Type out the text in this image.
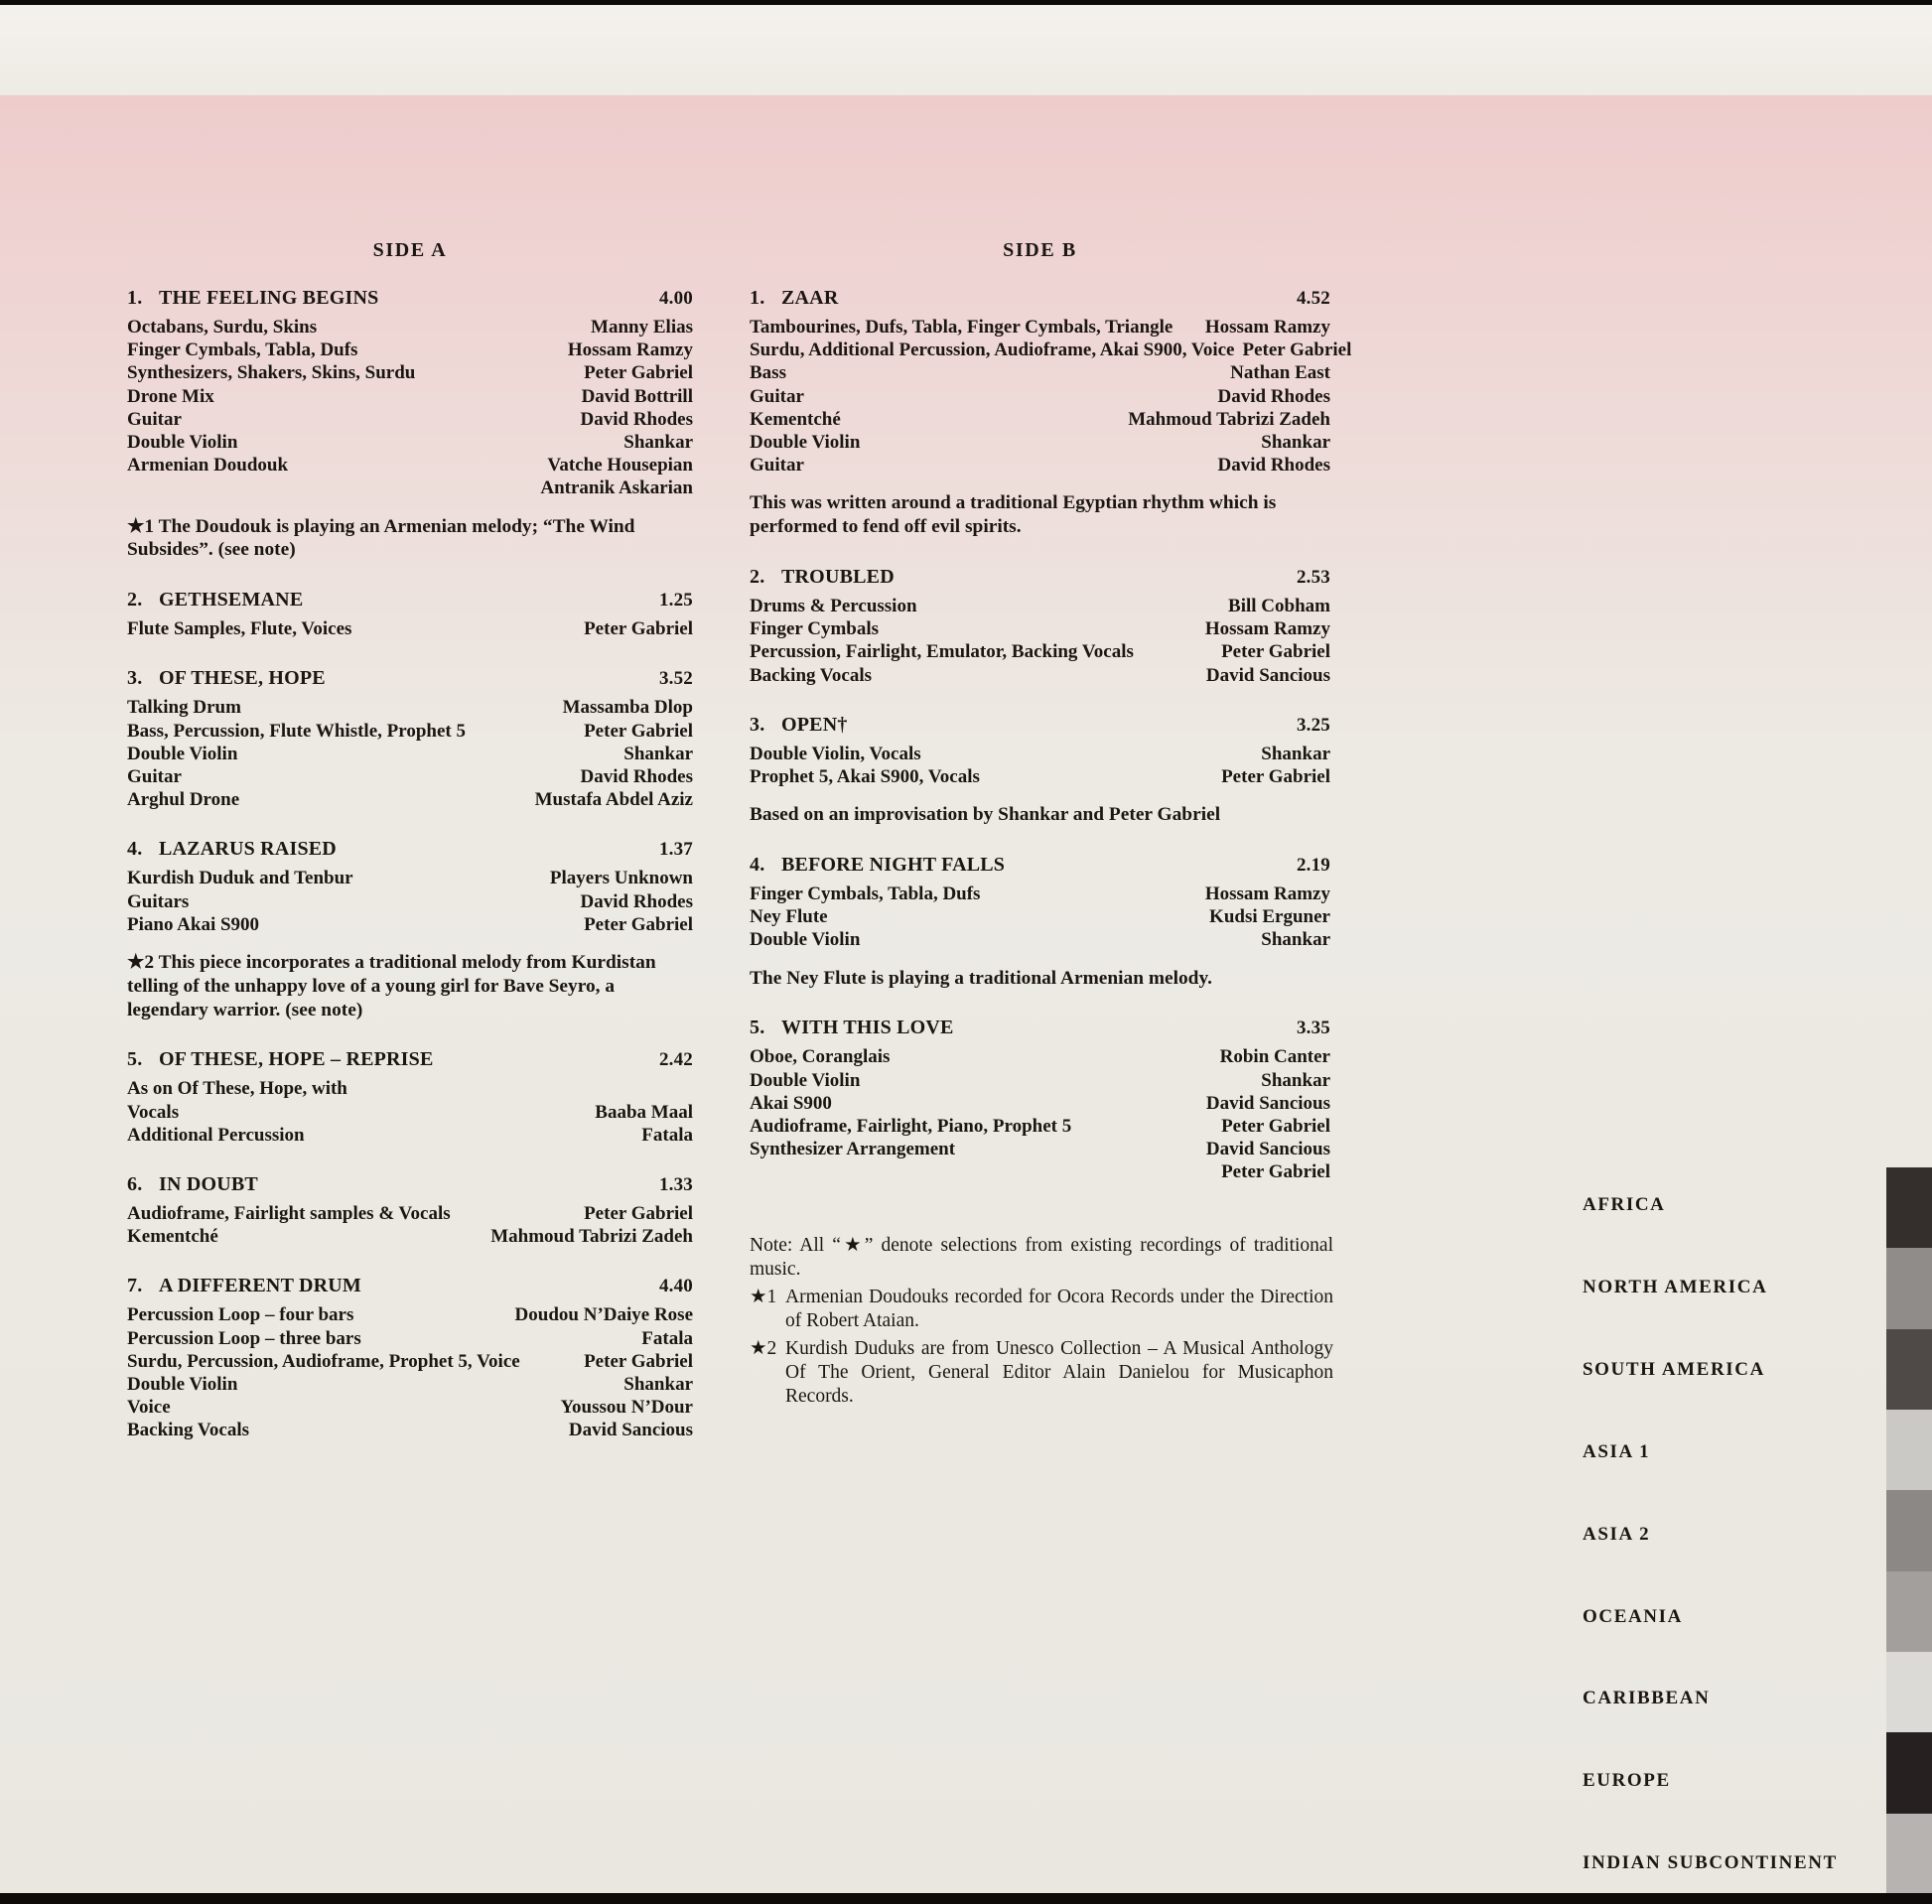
SIDE A
1. THE FEELING BEGINS	4.00
Octabans, Surdu, Skins	Manny Elias
Finger Cymbals, Tabla, Dufs	Hossam Ramzy
Synthesizers, Shakers, Skins, Surdu	Peter Gabriel
Drone Mix	David Bottrill
Guitar	David Rhodes
Double Violin	Shankar
Armenian Doudouk	Vatche Housepian
Antranik Askarian
★1 The Doudouk is playing an Armenian melody; “The Wind Subsides”. (see note)
2. GETHSEMANE	1.25
Flute Samples, Flute, Voices	Peter Gabriel
3. OF THESE, HOPE	3.52
Talking Drum	Massamba Dlop
Bass, Percussion, Flute Whistle, Prophet 5	Peter Gabriel
Double Violin	Shankar
Guitar	David Rhodes
Arghul Drone	Mustafa Abdel Aziz
4. LAZARUS RAISED	1.37
Kurdish Duduk and Tenbur	Players Unknown
Guitars	David Rhodes
Piano Akai S900	Peter Gabriel
★2 This piece incorporates a traditional melody from Kurdistan telling of the unhappy love of a young girl for Bave Seyro, a legendary warrior. (see note)
5. OF THESE, HOPE – REPRISE	2.42
As on Of These, Hope, with
Vocals	Baaba Maal
Additional Percussion	Fatala
6. IN DOUBT	1.33
Audioframe, Fairlight samples & Vocals	Peter Gabriel
Kementché	Mahmoud Tabrizi Zadeh
7. A DIFFERENT DRUM	4.40
Percussion Loop – four bars	Doudou N’Daiye Rose
Percussion Loop – three bars	Fatala
Surdu, Percussion, Audioframe, Prophet 5, Voice	Peter Gabriel
Double Violin	Shankar
Voice	Youssou N’Dour
Backing Vocals	David Sancious
SIDE B
1. ZAAR	4.52
Tambourines, Dufs, Tabla, Finger Cymbals, Triangle Hossam Ramzy
Surdu, Additional Percussion, Audioframe, Akai S900, Voice Peter Gabriel
Bass	Nathan East
Guitar	David Rhodes
Kementché	Mahmoud Tabrizi Zadeh
Double Violin	Shankar
Guitar	David Rhodes
This was written around a traditional Egyptian rhythm which is performed to fend off evil spirits.
2. TROUBLED	2.53
Drums & Percussion	Bill Cobham
Finger Cymbals	Hossam Ramzy
Percussion, Fairlight, Emulator, Backing Vocals	Peter Gabriel
Backing Vocals	David Sancious
3. OPEN†	3.25
Double Violin, Vocals	Shankar
Prophet 5, Akai S900, Vocals	Peter Gabriel
Based on an improvisation by Shankar and Peter Gabriel
4. BEFORE NIGHT FALLS	2.19
Finger Cymbals, Tabla, Dufs	Hossam Ramzy
Ney Flute	Kudsi Erguner
Double Violin	Shankar
The Ney Flute is playing a traditional Armenian melody.
5. WITH THIS LOVE	3.35
Oboe, Coranglais	Robin Canter
Double Violin	Shankar
Akai S900	David Sancious
Audioframe, Fairlight, Piano, Prophet 5	Peter Gabriel
Synthesizer Arrangement	David Sancious
Peter Gabriel
Note: All “★” denote selections from existing recordings of traditional music.
★1 Armenian Doudouks recorded for Ocora Records under the Direction of Robert Ataian.
★2 Kurdish Duduks are from Unesco Collection – A Musical Anthology Of The Orient, General Editor Alain Danielou for Musicaphon Records.
AFRICA
NORTH AMERICA
SOUTH AMERICA
ASIA 1
ASIA 2
OCEANIA
CARIBBEAN
EUROPE
INDIAN SUBCONTINENT
